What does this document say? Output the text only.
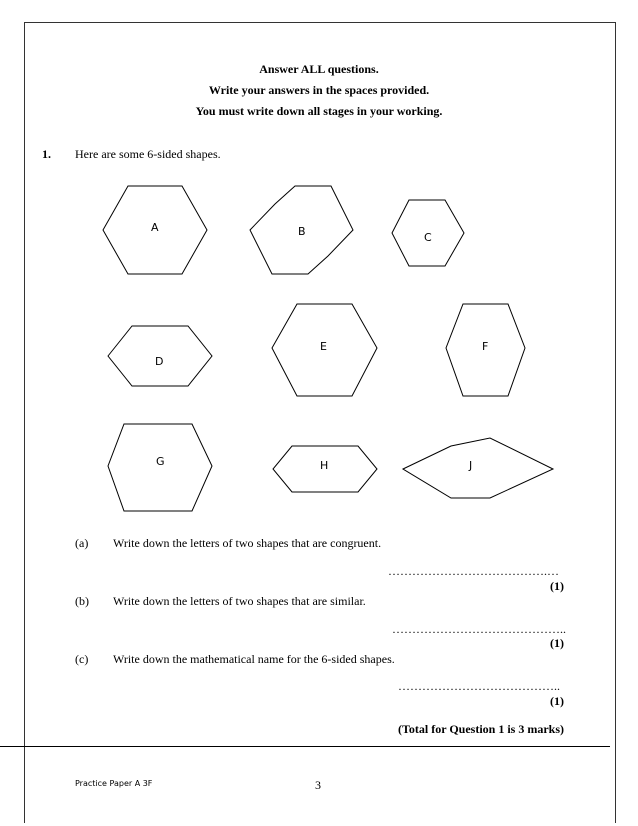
Answer ALL questions.
Write your answers in the spaces provided.
You must write down all stages in your working.
1. Here are some 6-sided shapes.
A	B	C
D
E	F
G	H	J
(a) Write down the letters of two shapes that are congruent.
………………………………….…
(1)
(b) Write down the letters of two shapes that are similar.
……………………………………..
(1)
(c) Write down the mathematical name for the 6-sided shapes.
…………………………………..
(1)
(Total for Question 1 is 3 marks)
Practice Paper A 3F	3
